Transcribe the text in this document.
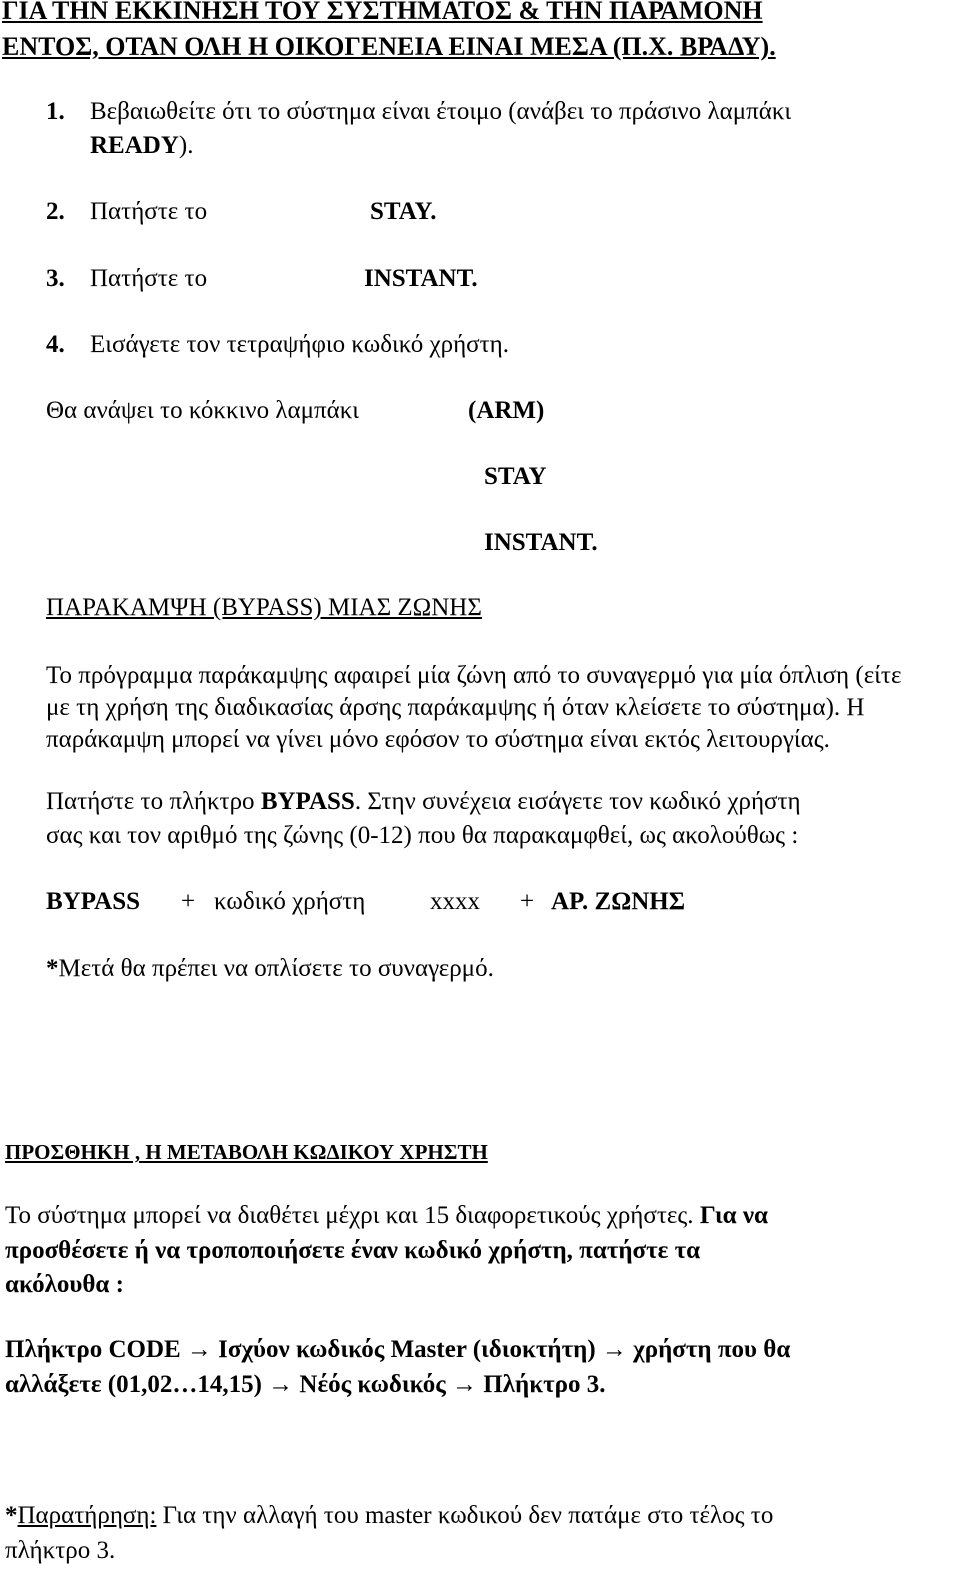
ΓΙΑ ΤΗΝ ΕΚΚΙΝΗΣΗ ΤΟΥ ΣΥΣΤΗΜΑΤΟΣ & ΤΗΝ ΠΑΡΑΜΟΝΗ
ΕΝΤΟΣ, ΟΤΑΝ ΟΛΗ Η ΟΙΚΟΓΕΝΕΙΑ ΕΙΝΑΙ ΜΕΣΑ (Π.Χ. ΒΡΑΔΥ).
1. Βεβαιωθείτε ότι το σύστημα είναι έτοιμο (ανάβει το πράσινο λαμπάκι
READY).
2. Πατήστε το	STAY.
3. Πατήστε το	INSTANT.
4. Εισάγετε τον τετραψήφιο κωδικό χρήστη.
Θα ανάψει το κόκκινο λαμπάκι	(ARM)
STAY
INSTANT.
ΠΑΡΑΚΑΜΨΗ (BYPASS) ΜΙΑΣ ΖΩΝΗΣ
Το πρόγραμμα παράκαμψης αφαιρεί μία ζώνη από το συναγερμό για μία όπλιση (είτε
με τη χρήση της διαδικασίας άρσης παράκαμψης ή όταν κλείσετε το σύστημα). Η
παράκαμψη μπορεί να γίνει μόνο εφόσον το σύστημα είναι εκτός λειτουργίας.
Πατήστε το πλήκτρο BYPASS. Στην συνέχεια εισάγετε τον κωδικό χρήστη
σας και τον αριθμό της ζώνης (0-12) που θα παρακαμφθεί, ως ακολούθως :
BYPASS + κωδικό χρήστη	xxxx + ΑΡ. ΖΩΝΗΣ
*Μετά θα πρέπει να οπλίσετε το συναγερμό.
ΠΡΟΣΘΗΚΗ , Η ΜΕΤΑΒΟΛΗ ΚΩΔΙΚΟΥ ΧΡΗΣΤΗ
Το σύστημα μπορεί να διαθέτει μέχρι και 15 διαφορετικούς χρήστες. Για να
προσθέσετε ή να τροποποιήσετε έναν κωδικό χρήστη, πατήστε τα
ακόλουθα :
Πλήκτρο CODE → Ισχύον κωδικός Master (ιδιοκτήτη) → χρήστη που θα
αλλάξετε (01,02…14,15) → Νέός κωδικός → Πλήκτρο 3.
*Παρατήρηση: Για την αλλαγή του master κωδικού δεν πατάμε στο τέλος το
πλήκτρο 3.
